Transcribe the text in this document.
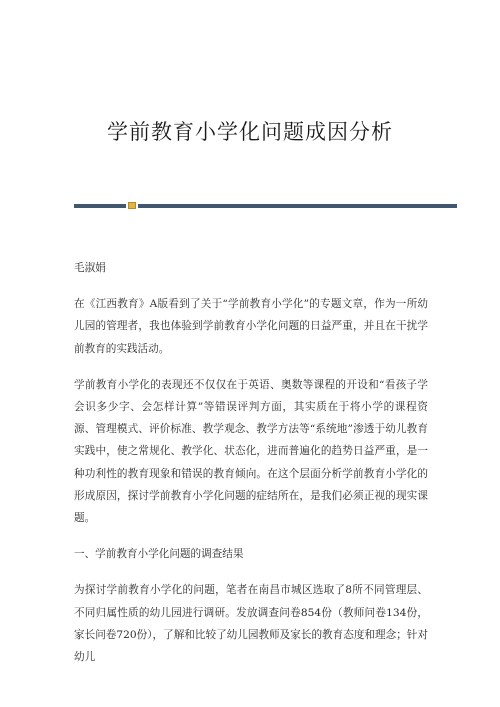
学前教育小学化问题成因分析

毛淑娟

在《江西教育》A版看到了关于“学前教育小学化”的专题文章，作为一所幼儿园的管理者，我也体验到学前教育小学化问题的日益严重，并且在干扰学前教育的实践活动。

学前教育小学化的表现还不仅仅在于英语、奥数等课程的开设和“看孩子学会识多少字、会怎样计算”等错误评判方面，其实质在于将小学的课程资源、管理模式、评价标准、教学观念、教学方法等“系统地”渗透于幼儿教育实践中，使之常规化、教学化、状态化，进而普遍化的趋势日益严重，是一种功利性的教育现象和错误的教育倾向。在这个层面分析学前教育小学化的形成原因，探讨学前教育小学化问题的症结所在，是我们必须正视的现实课题。

一、学前教育小学化问题的调查结果

为探讨学前教育小学化的问题，笔者在南昌市城区选取了8所不同管理层、不同归属性质的幼儿园进行调研。发放调查问卷854份（教师问卷134份，家长问卷720份），了解和比较了幼儿园教师及家长的教育态度和理念；针对幼儿
